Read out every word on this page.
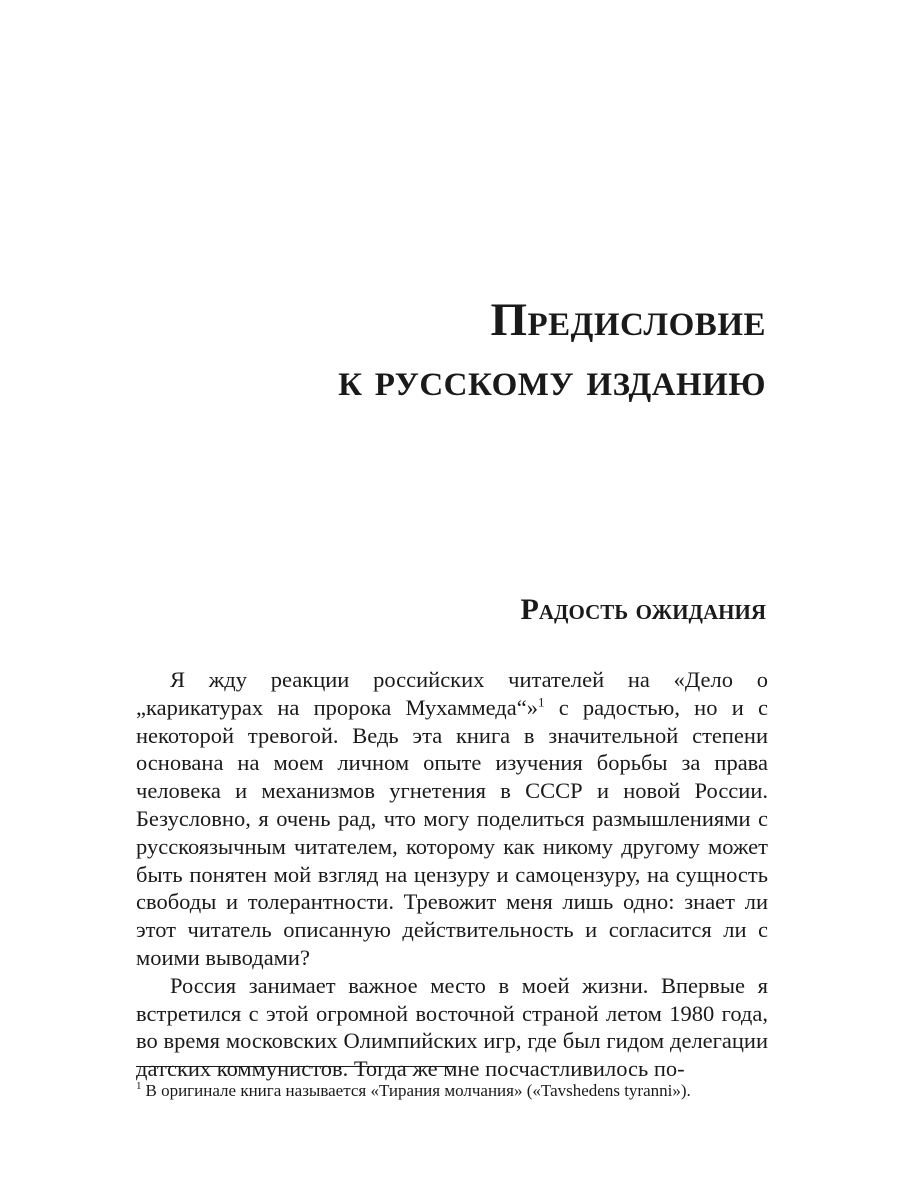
Предисловие
к русскому изданию
Радость ожидания

Я жду реакции российских читателей на «Дело о „карикатурах на пророка Мухаммеда“»$^1$ с радостью, но и с некоторой тревогой. Ведь эта книга в значительной степени основана на моем личном опыте изучения борьбы за права человека и механизмов угнетения в СССР и новой России. Безусловно, я очень рад, что могу поделиться размышлениями с русскоязычным читателем, которому как никому другому может быть понятен мой взгляд на цензуру и самоцензуру, на сущность свободы и толерантности. Тревожит меня лишь одно: знает ли этот читатель описанную действительность и согласится ли с моими выводами?

Россия занимает важное место в моей жизни. Впервые я встретился с этой огромной восточной страной летом 1980 года, во время московских Олимпийских игр, где был гидом делегации датских коммунистов. Тогда же мне посчастливилось по-

$^1$ В оригинале книга называется «Тирания молчания» («Tavshedens tyranni»).
